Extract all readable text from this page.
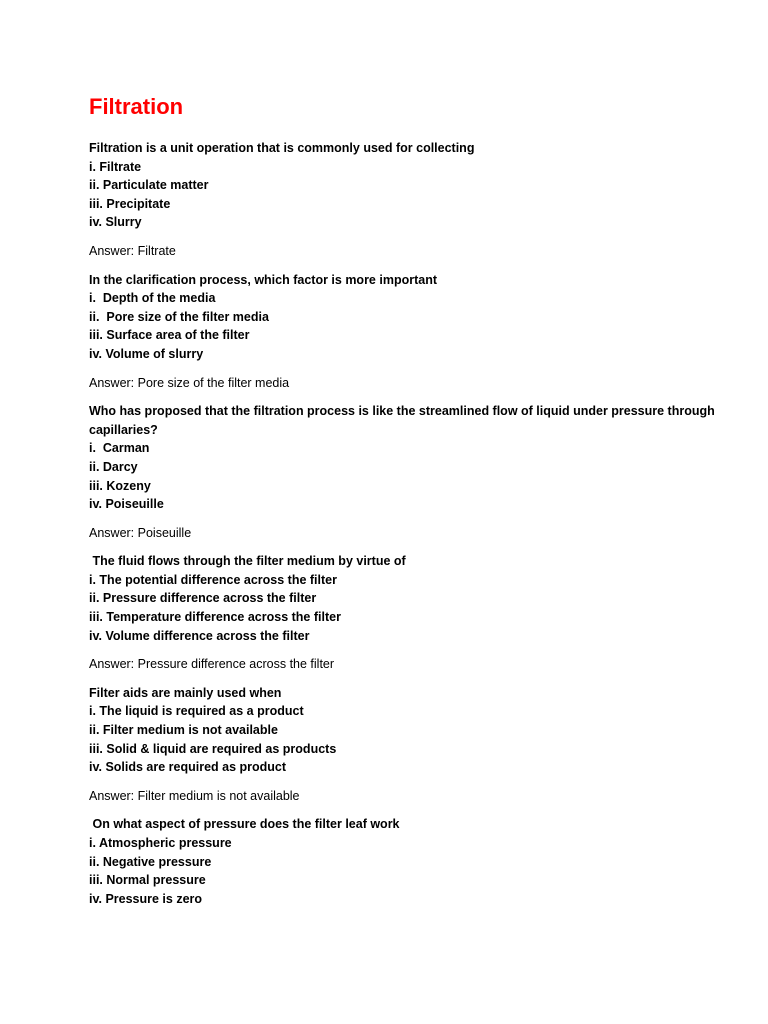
Filtration
Filtration is a unit operation that is commonly used for collecting
i. Filtrate
ii. Particulate matter
iii. Precipitate
iv. Slurry
Answer: Filtrate
In the clarification process, which factor is more important
i.  Depth of the media
ii.  Pore size of the filter media
iii. Surface area of the filter
iv. Volume of slurry
Answer: Pore size of the filter media
Who has proposed that the filtration process is like the streamlined flow of liquid under pressure through capillaries?
i.  Carman
ii. Darcy
iii. Kozeny
iv. Poiseuille
Answer: Poiseuille
The fluid flows through the filter medium by virtue of
i. The potential difference across the filter
ii. Pressure difference across the filter
iii. Temperature difference across the filter
iv. Volume difference across the filter
Answer: Pressure difference across the filter
Filter aids are mainly used when
i. The liquid is required as a product
ii. Filter medium is not available
iii. Solid & liquid are required as products
iv. Solids are required as product
Answer: Filter medium is not available
On what aspect of pressure does the filter leaf work
i. Atmospheric pressure
ii. Negative pressure
iii. Normal pressure
iv. Pressure is zero
